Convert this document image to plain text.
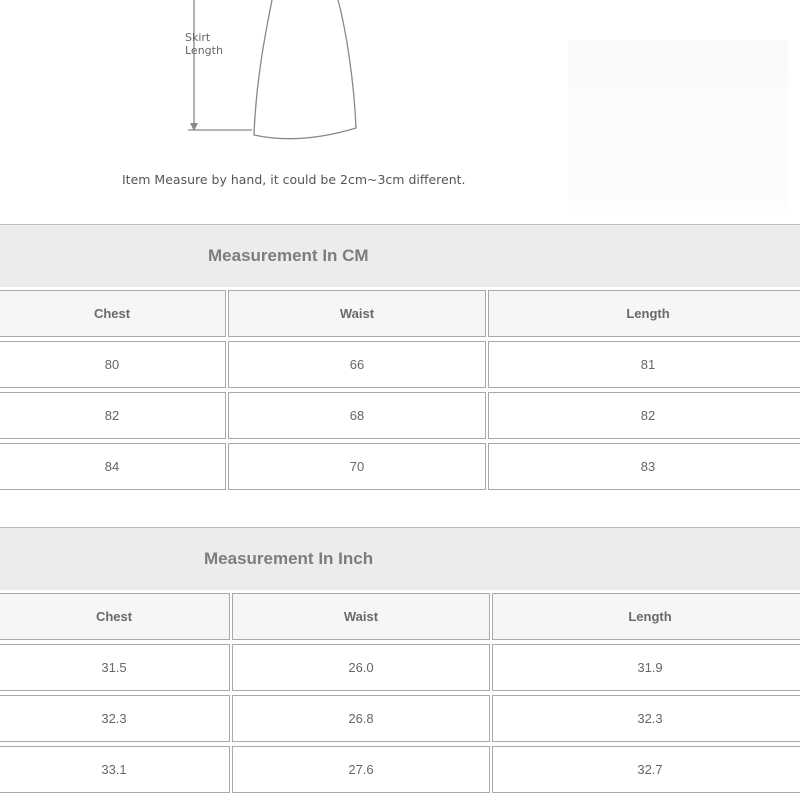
Skirt
Length
Item Measure by hand, it could be 2cm~3cm different.
Measurement In CM
Chest	Waist	Length
80	66	81
82	68	82
84	70	83
Measurement In Inch
Chest	Waist	Length
31.5	26.0	31.9
32.3	26.8	32.3
33.1	27.6	32.7
